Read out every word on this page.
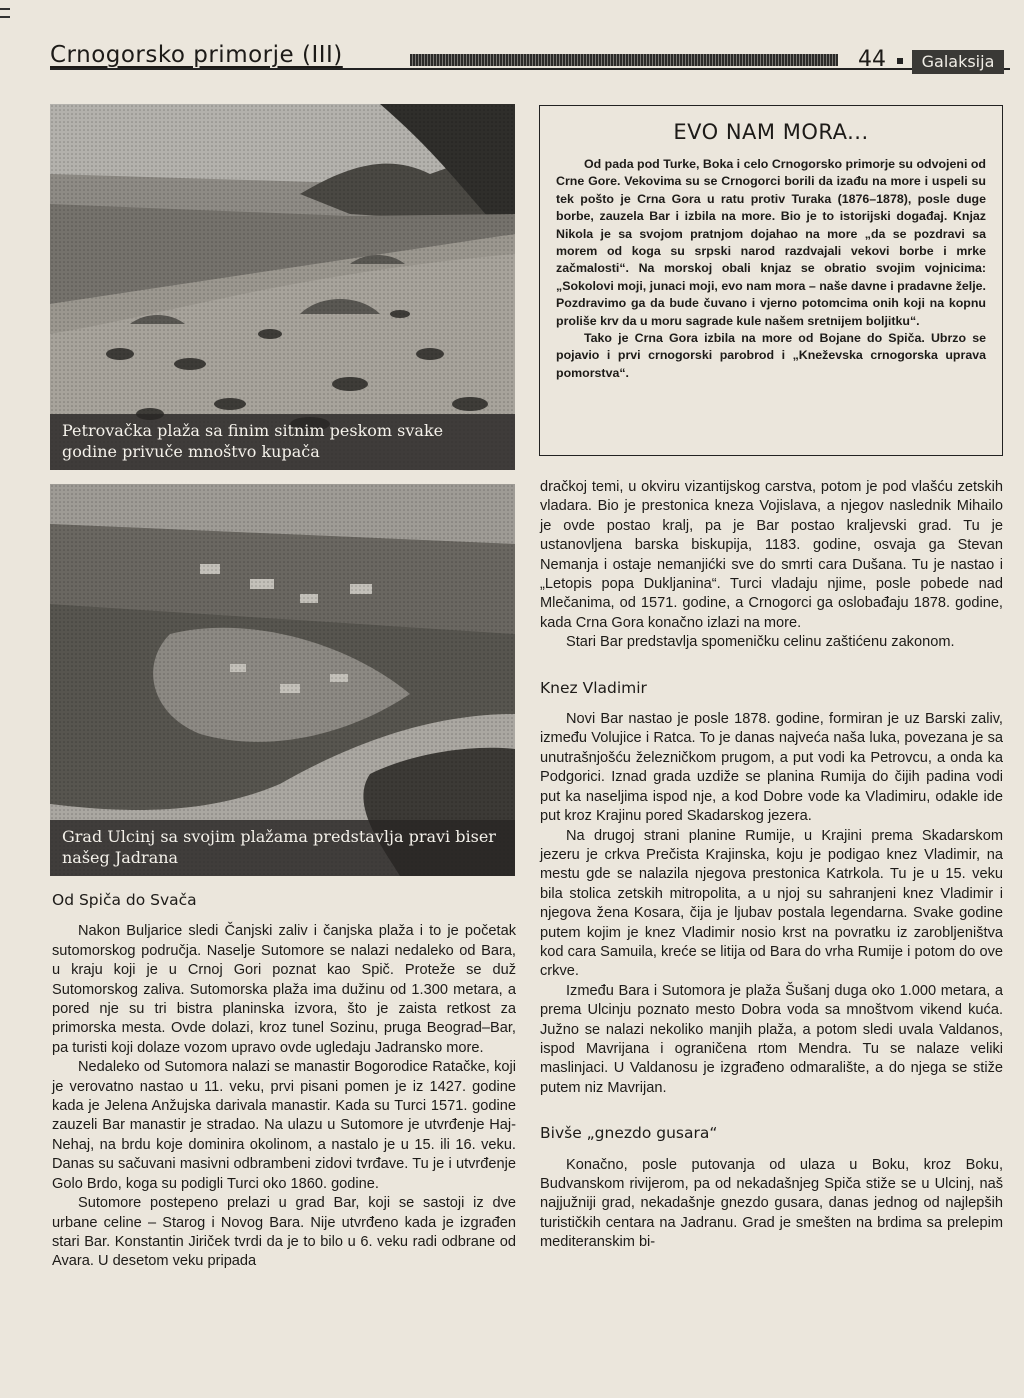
Crnogorsko primorje (III)	44	Galaksija
Petrovačka plaža sa finim sitnim peskom svake godine privuče mnoštvo kupača
Grad Ulcinj sa svojim plažama predstavlja pravi biser našeg Jadrana
EVO NAM MORA...

Od pada pod Turke, Boka i celo Crnogorsko primorje su odvojeni od Crne Gore. Vekovima su se Crnogorci borili da izađu na more i uspeli su tek pošto je Crna Gora u ratu protiv Turaka (1876–1878), posle duge borbe, zauzela Bar i izbila na more. Bio je to istorijski događaj. Knjaz Nikola je sa svojom pratnjom dojahao na more „da se pozdravi sa morem od koga su srpski narod razdvajali vekovi borbe i mrke začmalosti“. Na morskoj obali knjaz se obratio svojim vojnicima: „Sokolovi moji, junaci moji, evo nam mora – naše davne i pradavne želje. Pozdravimo ga da bude čuvano i vjerno potomcima onih koji na kopnu proliše krv da u moru sagrade kule našem sretnijem boljitku“.

Tako je Crna Gora izbila na more od Bojane do Spiča. Ubrzo se pojavio i prvi crnogorski parobrod i „Kneževska crnogorska uprava pomorstva“.

Od Spiča do Svača

Nakon Buljarice sledi Čanjski zaliv i čanjska plaža i to je početak sutomorskog područja. Naselje Sutomore se nalazi nedaleko od Bara, u kraju koji je u Crnoj Gori poznat kao Spič. Proteže se duž Sutomorskog zaliva. Sutomorska plaža ima dužinu od 1.300 metara, a pored nje su tri bistra planinska izvora, što je zaista retkost za primorska mesta. Ovde dolazi, kroz tunel Sozinu, pruga Beograd–Bar, pa turisti koji dolaze vozom upravo ovde ugledaju Jadransko more.

Nedaleko od Sutomora nalazi se manastir Bogorodice Ratačke, koji je verovatno nastao u 11. veku, prvi pisani pomen je iz 1427. godine kada je Jelena Anžujska darivala manastir. Kada su Turci 1571. godine zauzeli Bar manastir je stradao. Na ulazu u Sutomore je utvrđenje Haj-Nehaj, na brdu koje dominira okolinom, a nastalo je u 15. ili 16. veku. Danas su sačuvani masivni odbrambeni zidovi tvrđave. Tu je i utvrđenje Golo Brdo, koga su podigli Turci oko 1860. godine.

Sutomore postepeno prelazi u grad Bar, koji se sastoji iz dve urbane celine – Starog i Novog Bara. Nije utvrđeno kada je izgrađen stari Bar. Konstantin Jiriček tvrdi da je to bilo u 6. veku radi odbrane od Avara. U desetom veku pripada

dračkoj temi, u okviru vizantijskog carstva, potom je pod vlašću zetskih vladara. Bio je prestonica kneza Vojislava, a njegov naslednik Mihailo je ovde postao kralj, pa je Bar postao kraljevski grad. Tu je ustanovljena barska biskupija, 1183. godine, osvaja ga Stevan Nemanja i ostaje nemanjićki sve do smrti cara Dušana. Tu je nastao i „Letopis popa Dukljanina“. Turci vladaju njime, posle pobede nad Mlečanima, od 1571. godine, a Crnogorci ga oslobađaju 1878. godine, kada Crna Gora konačno izlazi na more.

Stari Bar predstavlja spomeničku celinu zaštićenu zakonom.

Knez Vladimir

Novi Bar nastao je posle 1878. godine, formiran je uz Barski zaliv, između Volujice i Ratca. To je danas najveća naša luka, povezana je sa unutrašnjošću železničkom prugom, a put vodi ka Petrovcu, a onda ka Podgorici. Iznad grada uzdiže se planina Rumija do čijih padina vodi put ka naseljima ispod nje, a kod Dobre vode ka Vladimiru, odakle ide put kroz Krajinu pored Skadarskog jezera.

Na drugoj strani planine Rumije, u Krajini prema Skadarskom jezeru je crkva Prečista Krajinska, koju je podigao knez Vladimir, na mestu gde se nalazila njegova prestonica Katrkola. Tu je u 15. veku bila stolica zetskih mitropolita, a u njoj su sahranjeni knez Vladimir i njegova žena Kosara, čija je ljubav postala legendarna. Svake godine putem kojim je knez Vladimir nosio krst na povratku iz zarobljeništva kod cara Samuila, kreće se litija od Bara do vrha Rumije i potom do ove crkve.

Između Bara i Sutomora je plaža Šušanj duga oko 1.000 metara, a prema Ulcinju poznato mesto Dobra voda sa mnoštvom vikend kuća. Južno se nalazi nekoliko manjih plaža, a potom sledi uvala Valdanos, ispod Mavrijana i ograničena rtom Mendra. Tu se nalaze veliki maslinjaci. U Valdanosu je izgrađeno odmaralište, a do njega se stiže putem niz Mavrijan.

Bivše „gnezdo gusara“

Konačno, posle putovanja od ulaza u Boku, kroz Boku, Budvanskom rivijerom, pa od nekadašnjeg Spiča stiže se u Ulcinj, naš najjužniji grad, nekadašnje gnezdo gusara, danas jednog od najlepših turističkih centara na Jadranu. Grad je smešten na brdima sa prelepim mediteranskim bi-
